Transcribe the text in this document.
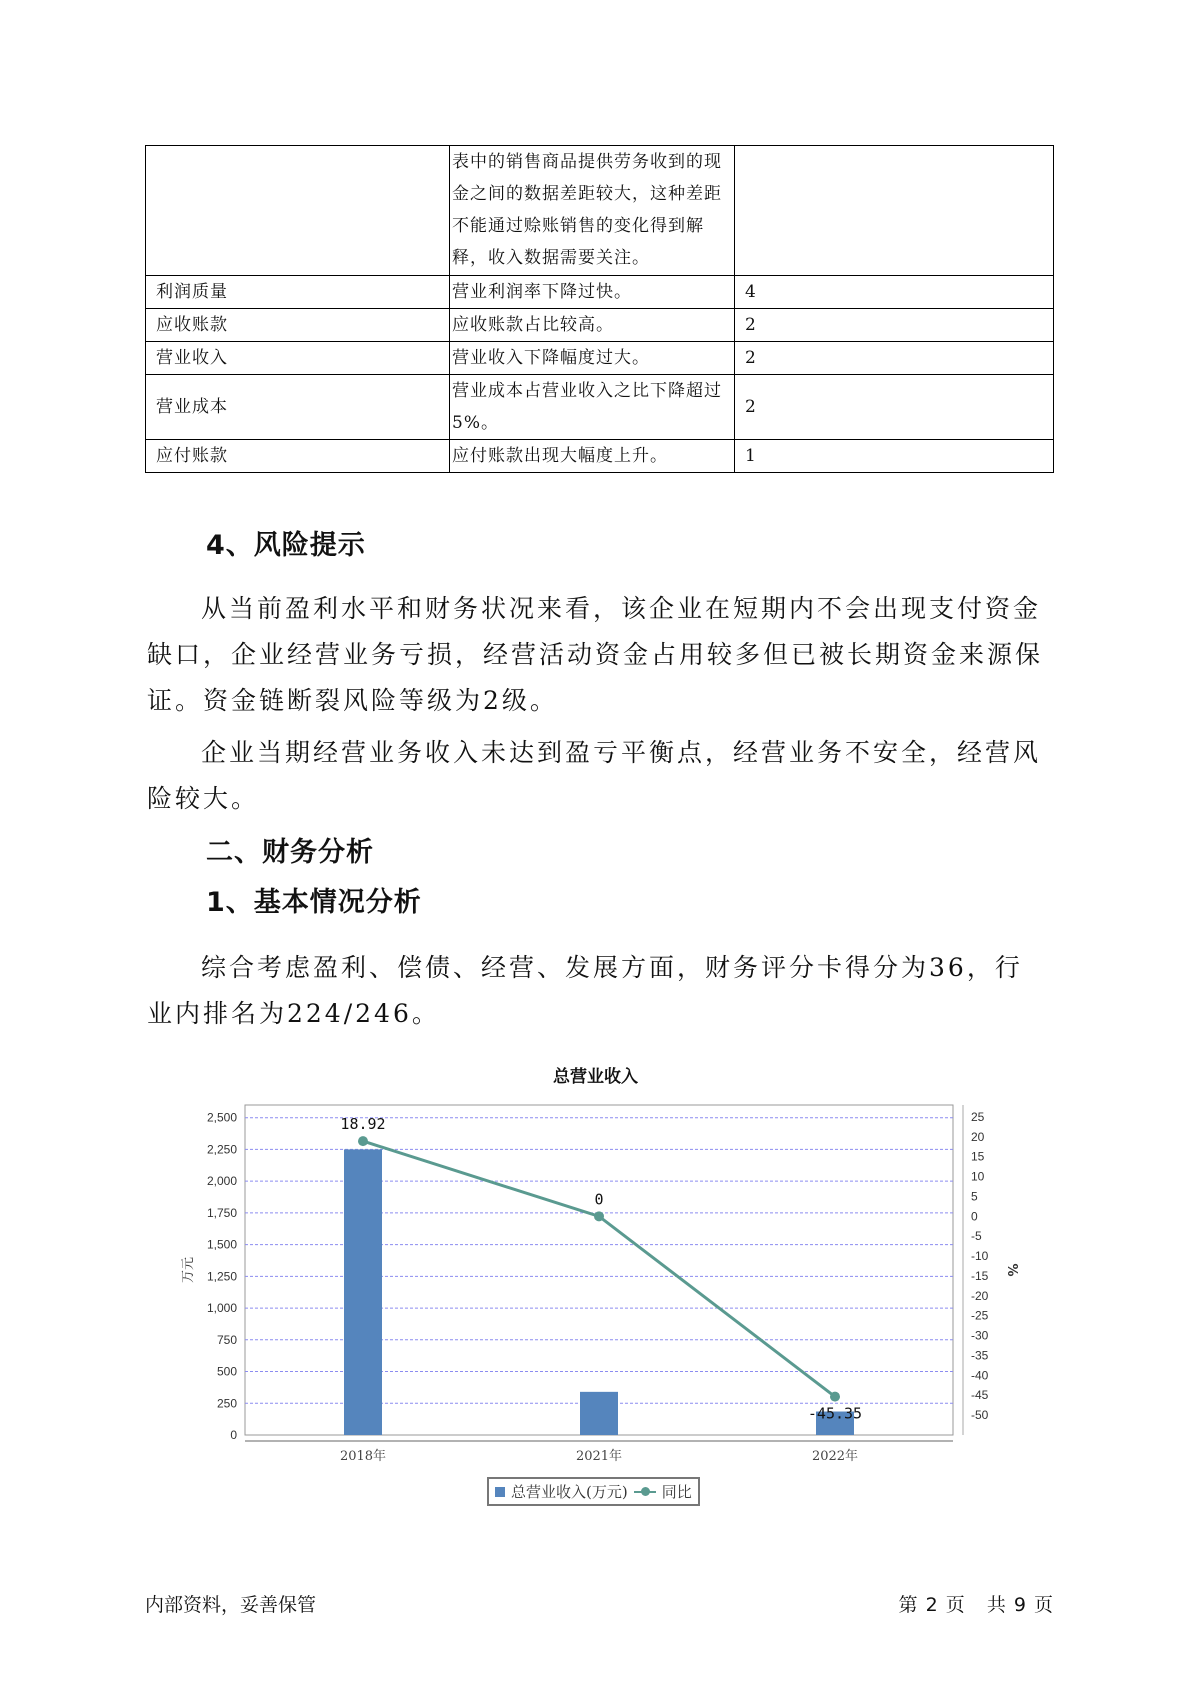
	表中的销售商品提供劳务收到的现金之间的数据差距较大，这种差距不能通过赊账销售的变化得到解释，收入数据需要关注。	
利润质量	营业利润率下降过快。	4
应收账款	应收账款占比较高。	2
营业收入	营业收入下降幅度过大。	2
营业成本	营业成本占营业收入之比下降超过5%。	2
应付账款	应付账款出现大幅度上升。	1
4、风险提示

从当前盈利水平和财务状况来看，该企业在短期内不会出现支付资金缺口，企业经营业务亏损，经营活动资金占用较多但已被长期资金来源保证。资金链断裂风险等级为2级。

企业当期经营业务收入未达到盈亏平衡点，经营业务不安全，经营风险较大。

二、财务分析
1、基本情况分析

综合考虑盈利、偿债、经营、发展方面，财务评分卡得分为36，行业内排名为224/246。

总营业收入
0
250
500
750
1,000
1,250
1,500
1,750
2,000
2,250
2,500
-50
-45
-40
-35
-30
-25
-20
-15
-10
-5
0
5
10
15
20
25
万元	%
2018年	2021年	2022年
18.92
0
-45.35
总营业收入(万元) 同比
内部资料，妥善保管	第 2 页   共 9 页
